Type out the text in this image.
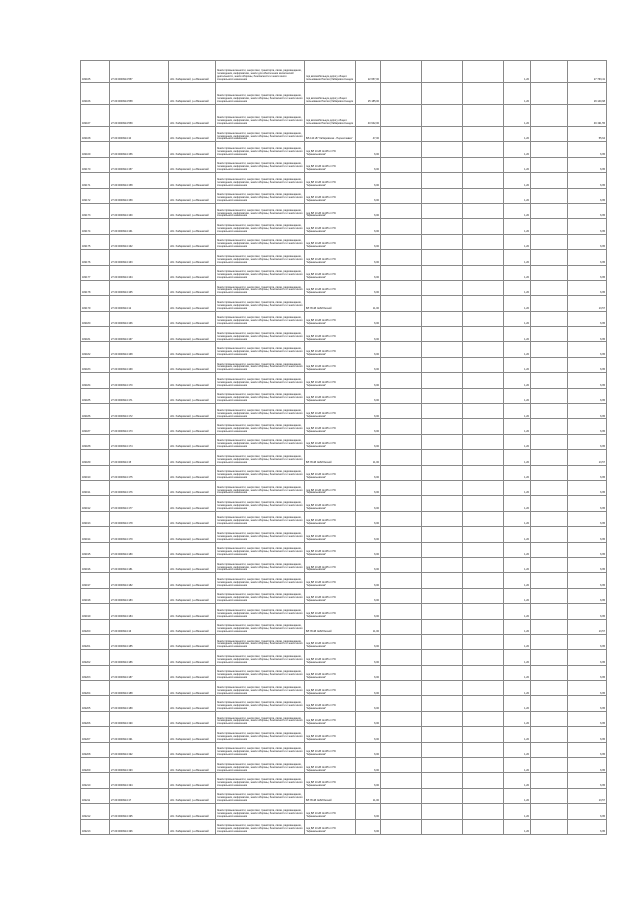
182165	27:20:0000914:557	обл. Хабаровский, р-н Вяземский	Земли промышленности, энергетики, транспорта, связи, радиовещания, телевидения, информатики, земли для обеспечения космической деятельности, земли обороны, безопасности и земли иного специального назначения	под автомобильную дорогу общего пользования Россия (Хабаровск-Сеюдск	22 657,00				1,20		27 763,41
182166	27:20:0000914:558	обл. Хабаровский, р-н Вяземский	Земли промышленности, энергетики, транспорта, связи, радиовещания, телевидения, информатики, земли обороны, безопасности и земли иного специального назначения	под автомобильную дорогу общего пользования Россия (Хабаровск-Сеюдск	25 185,00				1,20		29 140,68
182167	27:20:0000914:559	обл. Хабаровский, р-н Вяземский	Земли промышленности, энергетики, транспорта, связи, радиовещания, телевидения, информатики, земли обороны, безопасности и земли иного специального назначения	под автомобильную дорогу общего пользования Россия (Хабаровск-Сеюдск	40 642,00				1,20		49 191,55
182168	27:20:0000914:10	обл. Хабаровский, р-н Вяземский	Земли промышленности, энергетики, транспорта, связи, радиовещания, телевидения, информатики, земли обороны, безопасности и земли иного специального назначения	ВЛ-110 кВ "Хабаровская - Переяславка"	47,00				1,20		55,64
182169	27:20:0000914:156	обл. Хабаровский, р-н Вяземский	Земли промышленности, энергетики, транспорта, связи, радиовещания, телевидения, информатики, земли обороны, безопасности и земли иного специального назначения	под ВЛ 10 кВ №105 от ПС "Афанасьевская"	6,00				1,20		6,95
182170	27:20:0000914:157	обл. Хабаровский, р-н Вяземский	Земли промышленности, энергетики, транспорта, связи, радиовещания, телевидения, информатики, земли обороны, безопасности и земли иного специального назначения	под ВЛ 10 кВ №105 от ПС "Афанасьевская"	6,00				1,20		6,95
182171	27:20:0000914:158	обл. Хабаровский, р-н Вяземский	Земли промышленности, энергетики, транспорта, связи, радиовещания, телевидения, информатики, земли обороны, безопасности и земли иного специального назначения	под ВЛ 10 кВ №105 от ПС "Афанасьевская"	6,00				1,20		6,95
182172	27:20:0000914:159	обл. Хабаровский, р-н Вяземский	Земли промышленности, энергетики, транспорта, связи, радиовещания, телевидения, информатики, земли обороны, безопасности и земли иного специального назначения	под ВЛ 10 кВ №105 от ПС "Афанасьевская"	6,00				1,20		6,95
182173	27:20:0000914:160	обл. Хабаровский, р-н Вяземский	Земли промышленности, энергетики, транспорта, связи, радиовещания, телевидения, информатики, земли обороны, безопасности и земли иного специального назначения	под ВЛ 10 кВ №105 от ПС "Афанасьевская"	6,00				1,20		6,95
182174	27:20:0000914:161	обл. Хабаровский, р-н Вяземский	Земли промышленности, энергетики, транспорта, связи, радиовещания, телевидения, информатики, земли обороны, безопасности и земли иного специального назначения	под ВЛ 10 кВ №105 от ПС "Афанасьевская"	6,00				1,20		6,95
182175	27:20:0000914:162	обл. Хабаровский, р-н Вяземский	Земли промышленности, энергетики, транспорта, связи, радиовещания, телевидения, информатики, земли обороны, безопасности и земли иного специального назначения	под ВЛ 10 кВ №105 от ПС "Афанасьевская"	6,00				1,20		6,95
182176	27:20:0000914:163	обл. Хабаровский, р-н Вяземский	Земли промышленности, энергетики, транспорта, связи, радиовещания, телевидения, информатики, земли обороны, безопасности и земли иного специального назначения	под ВЛ 10 кВ №105 от ПС "Афанасьевская"	6,00				1,20		6,95
182177	27:20:0000914:164	обл. Хабаровский, р-н Вяземский	Земли промышленности, энергетики, транспорта, связи, радиовещания, телевидения, информатики, земли обороны, безопасности и земли иного специального назначения	под ВЛ 10 кВ №105 от ПС "Афанасьевская"	6,00				1,20		6,95
182178	27:20:0000914:165	обл. Хабаровский, р-н Вяземский	Земли промышленности, энергетики, транспорта, связи, радиовещания, телевидения, информатики, земли обороны, безопасности и земли иного специального назначения	под ВЛ 10 кВ №105 от ПС "Афанасьевская"	6,00				1,20		6,95
182179	27:20:0000914:12	обл. Хабаровский, р-н Вяземский	Земли промышленности, энергетики, транспорта, связи, радиовещания, телевидения, информатики, земли обороны, безопасности и земли иного специального назначения	ВЛ 35 кВ №82/Лесной	11,00				1,20		13,57
182180	27:20:0000914:166	обл. Хабаровский, р-н Вяземский	Земли промышленности, энергетики, транспорта, связи, радиовещания, телевидения, информатики, земли обороны, безопасности и земли иного специального назначения	под ВЛ 10 кВ №105 от ПС "Афанасьевская"	6,00				1,20		6,95
182181	27:20:0000914:167	обл. Хабаровский, р-н Вяземский	Земли промышленности, энергетики, транспорта, связи, радиовещания, телевидения, информатики, земли обороны, безопасности и земли иного специального назначения	под ВЛ 10 кВ №105 от ПС "Афанасьевская"	6,00				1,20		6,95
182182	27:20:0000914:168	обл. Хабаровский, р-н Вяземский	Земли промышленности, энергетики, транспорта, связи, радиовещания, телевидения, информатики, земли обороны, безопасности и земли иного специального назначения	под ВЛ 10 кВ №105 от ПС "Афанасьевская"	6,00				1,20		6,95
182183	27:20:0000914:169	обл. Хабаровский, р-н Вяземский	Земли промышленности, энергетики, транспорта, связи, радиовещания, телевидения, информатики, земли обороны, безопасности и земли иного специального назначения	под ВЛ 10 кВ №105 от ПС "Афанасьевская"	6,00				1,20		6,95
182184	27:20:0000914:170	обл. Хабаровский, р-н Вяземский	Земли промышленности, энергетики, транспорта, связи, радиовещания, телевидения, информатики, земли обороны, безопасности и земли иного специального назначения	под ВЛ 10 кВ №105 от ПС "Афанасьевская"	6,00				1,20		6,95
182185	27:20:0000914:171	обл. Хабаровский, р-н Вяземский	Земли промышленности, энергетики, транспорта, связи, радиовещания, телевидения, информатики, земли обороны, безопасности и земли иного специального назначения	под ВЛ 10 кВ №105 от ПС "Афанасьевская"	6,00				1,20		6,95
182186	27:20:0000914:172	обл. Хабаровский, р-н Вяземский	Земли промышленности, энергетики, транспорта, связи, радиовещания, телевидения, информатики, земли обороны, безопасности и земли иного специального назначения	под ВЛ 10 кВ №105 от ПС "Афанасьевская"	6,00				1,20		6,95
182187	27:20:0000914:173	обл. Хабаровский, р-н Вяземский	Земли промышленности, энергетики, транспорта, связи, радиовещания, телевидения, информатики, земли обороны, безопасности и земли иного специального назначения	под ВЛ 10 кВ №105 от ПС "Афанасьевская"	6,00				1,20		6,95
182188	27:20:0000914:174	обл. Хабаровский, р-н Вяземский	Земли промышленности, энергетики, транспорта, связи, радиовещания, телевидения, информатики, земли обороны, безопасности и земли иного специального назначения	под ВЛ 10 кВ №105 от ПС "Афанасьевская"	6,00				1,20		6,95
182189	27:20:0000914:15	обл. Хабаровский, р-н Вяземский	Земли промышленности, энергетики, транспорта, связи, радиовещания, телевидения, информатики, земли обороны, безопасности и земли иного специального назначения	ВЛ 35 кВ №82/Лесной	11,00				1,20		13,57
182190	27:20:0000914:175	обл. Хабаровский, р-н Вяземский	Земли промышленности, энергетики, транспорта, связи, радиовещания, телевидения, информатики, земли обороны, безопасности и земли иного специального назначения	под ВЛ 10 кВ №105 от ПС "Афанасьевская"	6,00				1,20		6,95
182191	27:20:0000914:176	обл. Хабаровский, р-н Вяземский	Земли промышленности, энергетики, транспорта, связи, радиовещания, телевидения, информатики, земли обороны, безопасности и земли иного специального назначения	под ВЛ 10 кВ №105 от ПС "Афанасьевская"	6,00				1,20		6,95
182192	27:20:0000914:177	обл. Хабаровский, р-н Вяземский	Земли промышленности, энергетики, транспорта, связи, радиовещания, телевидения, информатики, земли обороны, безопасности и земли иного специального назначения	под ВЛ 10 кВ №105 от ПС "Афанасьевская"	6,00				1,20		6,95
182193	27:20:0000914:178	обл. Хабаровский, р-н Вяземский	Земли промышленности, энергетики, транспорта, связи, радиовещания, телевидения, информатики, земли обороны, безопасности и земли иного специального назначения	под ВЛ 10 кВ №105 от ПС "Афанасьевская"	6,00				1,20		6,95
182194	27:20:0000914:179	обл. Хабаровский, р-н Вяземский	Земли промышленности, энергетики, транспорта, связи, радиовещания, телевидения, информатики, земли обороны, безопасности и земли иного специального назначения	под ВЛ 10 кВ №105 от ПС "Афанасьевская"	6,00				1,20		6,95
182195	27:20:0000914:180	обл. Хабаровский, р-н Вяземский	Земли промышленности, энергетики, транспорта, связи, радиовещания, телевидения, информатики, земли обороны, безопасности и земли иного специального назначения	под ВЛ 10 кВ №105 от ПС "Афанасьевская"	6,00				1,20		6,95
182196	27:20:0000914:181	обл. Хабаровский, р-н Вяземский	Земли промышленности, энергетики, транспорта, связи, радиовещания, телевидения, информатики, земли обороны, безопасности и земли иного специального назначения	под ВЛ 10 кВ №105 от ПС "Афанасьевская"	6,00				1,20		6,95
182197	27:20:0000914:182	обл. Хабаровский, р-н Вяземский	Земли промышленности, энергетики, транспорта, связи, радиовещания, телевидения, информатики, земли обороны, безопасности и земли иного специального назначения	под ВЛ 10 кВ №105 от ПС "Афанасьевская"	6,00				1,20		6,95
182198	27:20:0000914:183	обл. Хабаровский, р-н Вяземский	Земли промышленности, энергетики, транспорта, связи, радиовещания, телевидения, информатики, земли обороны, безопасности и земли иного специального назначения	под ВЛ 10 кВ №105 от ПС "Афанасьевская"	6,00				1,20		6,95
182199	27:20:0000914:184	обл. Хабаровский, р-н Вяземский	Земли промышленности, энергетики, транспорта, связи, радиовещания, телевидения, информатики, земли обороны, безопасности и земли иного специального назначения	под ВЛ 10 кВ №105 от ПС "Афанасьевская"	6,00				1,20		6,95
182200	27:20:0000914:16	обл. Хабаровский, р-н Вяземский	Земли промышленности, энергетики, транспорта, связи, радиовещания, телевидения, информатики, земли обороны, безопасности и земли иного специального назначения	ВЛ 35 кВ №82/Лесной	11,00				1,20		13,57
182201	27:20:0000914:185	обл. Хабаровский, р-н Вяземский	Земли промышленности, энергетики, транспорта, связи, радиовещания, телевидения, информатики, земли обороны, безопасности и земли иного специального назначения	под ВЛ 10 кВ №105 от ПС "Афанасьевская"	6,00				1,20		6,95
182202	27:20:0000914:186	обл. Хабаровский, р-н Вяземский	Земли промышленности, энергетики, транспорта, связи, радиовещания, телевидения, информатики, земли обороны, безопасности и земли иного специального назначения	под ВЛ 10 кВ №105 от ПС "Афанасьевская"	6,00				1,20		6,95
182203	27:20:0000914:187	обл. Хабаровский, р-н Вяземский	Земли промышленности, энергетики, транспорта, связи, радиовещания, телевидения, информатики, земли обороны, безопасности и земли иного специального назначения	под ВЛ 10 кВ №105 от ПС "Афанасьевская"	6,00				1,20		6,95
182204	27:20:0000914:188	обл. Хабаровский, р-н Вяземский	Земли промышленности, энергетики, транспорта, связи, радиовещания, телевидения, информатики, земли обороны, безопасности и земли иного специального назначения	под ВЛ 10 кВ №105 от ПС "Афанасьевская"	6,00				1,20		6,95
182205	27:20:0000914:189	обл. Хабаровский, р-н Вяземский	Земли промышленности, энергетики, транспорта, связи, радиовещания, телевидения, информатики, земли обороны, безопасности и земли иного специального назначения	под ВЛ 10 кВ №105 от ПС "Афанасьевская"	6,00				1,20		6,95
182206	27:20:0000914:190	обл. Хабаровский, р-н Вяземский	Земли промышленности, энергетики, транспорта, связи, радиовещания, телевидения, информатики, земли обороны, безопасности и земли иного специального назначения	под ВЛ 10 кВ №105 от ПС "Афанасьевская"	6,00				1,20		6,95
182207	27:20:0000914:191	обл. Хабаровский, р-н Вяземский	Земли промышленности, энергетики, транспорта, связи, радиовещания, телевидения, информатики, земли обороны, безопасности и земли иного специального назначения	под ВЛ 10 кВ №105 от ПС "Афанасьевская"	6,00				1,20		6,95
182208	27:20:0000914:192	обл. Хабаровский, р-н Вяземский	Земли промышленности, энергетики, транспорта, связи, радиовещания, телевидения, информатики, земли обороны, безопасности и земли иного специального назначения	под ВЛ 10 кВ №105 от ПС "Афанасьевская"	6,00				1,20		6,95
182209	27:20:0000914:193	обл. Хабаровский, р-н Вяземский	Земли промышленности, энергетики, транспорта, связи, радиовещания, телевидения, информатики, земли обороны, безопасности и земли иного специального назначения	под ВЛ 10 кВ №105 от ПС "Афанасьевская"	6,00				1,20		6,95
182210	27:20:0000914:194	обл. Хабаровский, р-н Вяземский	Земли промышленности, энергетики, транспорта, связи, радиовещания, телевидения, информатики, земли обороны, безопасности и земли иного специального назначения	под ВЛ 10 кВ №105 от ПС "Афанасьевская"	6,00				1,20		6,95
182211	27:20:0000914:17	обл. Хабаровский, р-н Вяземский	Земли промышленности, энергетики, транспорта, связи, радиовещания, телевидения, информатики, земли обороны, безопасности и земли иного специального назначения	ВЛ 35 кВ №82/Лесной	11,00				1,20		13,57
182212	27:20:0000914:195	обл. Хабаровский, р-н Вяземский	Земли промышленности, энергетики, транспорта, связи, радиовещания, телевидения, информатики, земли обороны, безопасности и земли иного специального назначения	под ВЛ 10 кВ №105 от ПС "Афанасьевская"	6,00				1,20		6,95
182213	27:20:0000914:196	обл. Хабаровский, р-н Вяземский	Земли промышленности, энергетики, транспорта, связи, радиовещания, телевидения, информатики, земли обороны, безопасности и земли иного специального назначения	под ВЛ 10 кВ №105 от ПС "Афанасьевская"	6,00				1,20		6,95
